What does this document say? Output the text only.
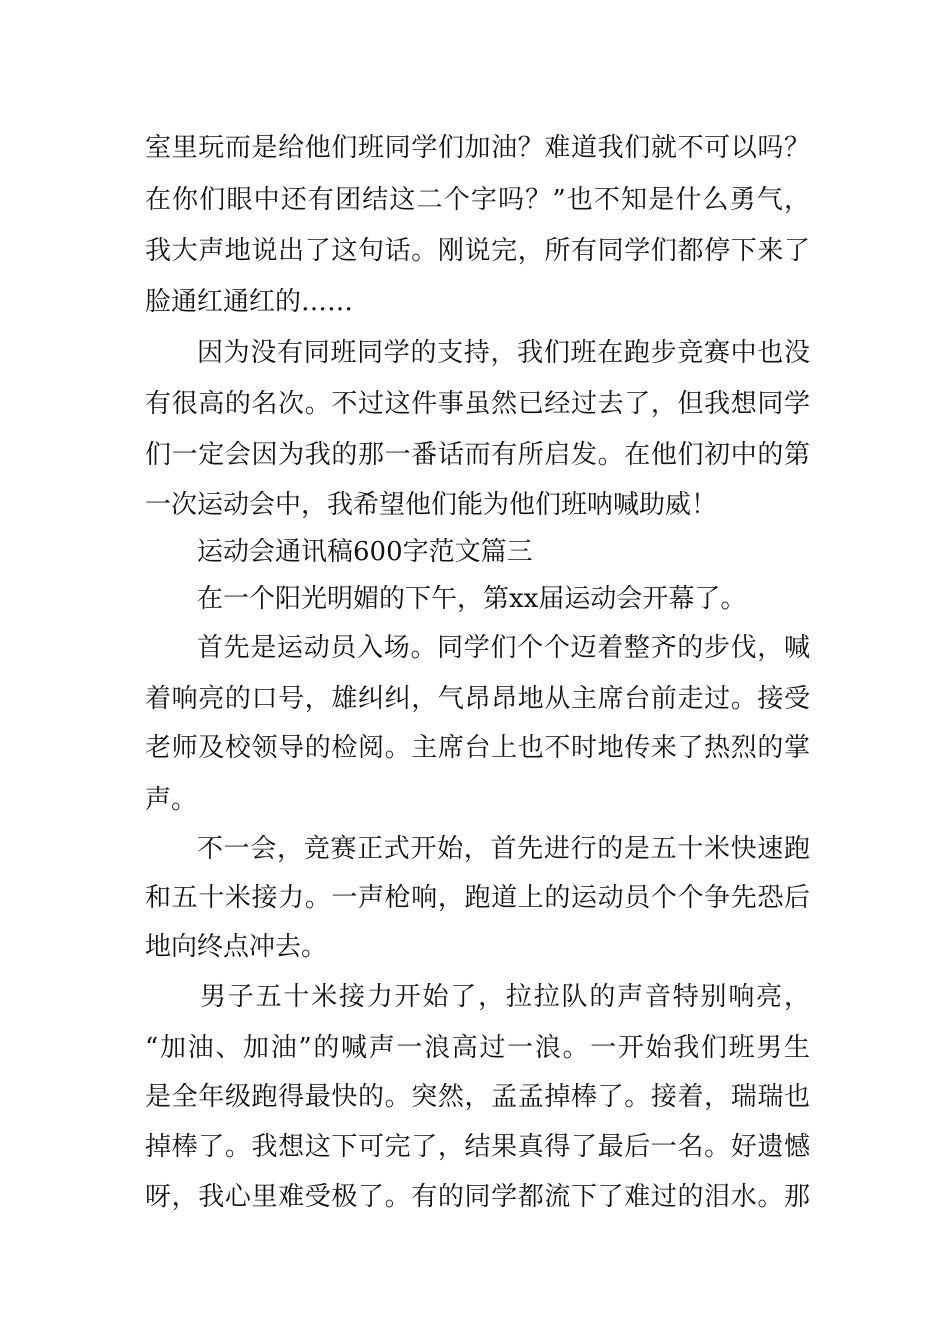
室里玩而是给他们班同学们加油？难道我们就不可以吗？
在你们眼中还有团结这二个字吗？”也不知是什么勇气，
我大声地说出了这句话。刚说完，所有同学们都停下来了
脸通红通红的……
因为没有同班同学的支持，我们班在跑步竞赛中也没
有很高的名次。不过这件事虽然已经过去了，但我想同学
们一定会因为我的那一番话而有所启发。在他们初中的第
一次运动会中，我希望他们能为他们班呐喊助威！
运动会通讯稿600字范文篇三
在一个阳光明媚的下午，第xx届运动会开幕了。
首先是运动员入场。同学们个个迈着整齐的步伐，喊
着响亮的口号，雄纠纠，气昂昂地从主席台前走过。接受
老师及校领导的检阅。主席台上也不时地传来了热烈的掌
声。
不一会，竞赛正式开始，首先进行的是五十米快速跑
和五十米接力。一声枪响，跑道上的运动员个个争先恐后
地向终点冲去。
男子五十米接力开始了，拉拉队的声音特别响亮，
“加油、加油”的喊声一浪高过一浪。一开始我们班男生
是全年级跑得最快的。突然，孟孟掉棒了。接着，瑞瑞也
掉棒了。我想这下可完了，结果真得了最后一名。好遗憾
呀，我心里难受极了。有的同学都流下了难过的泪水。那
